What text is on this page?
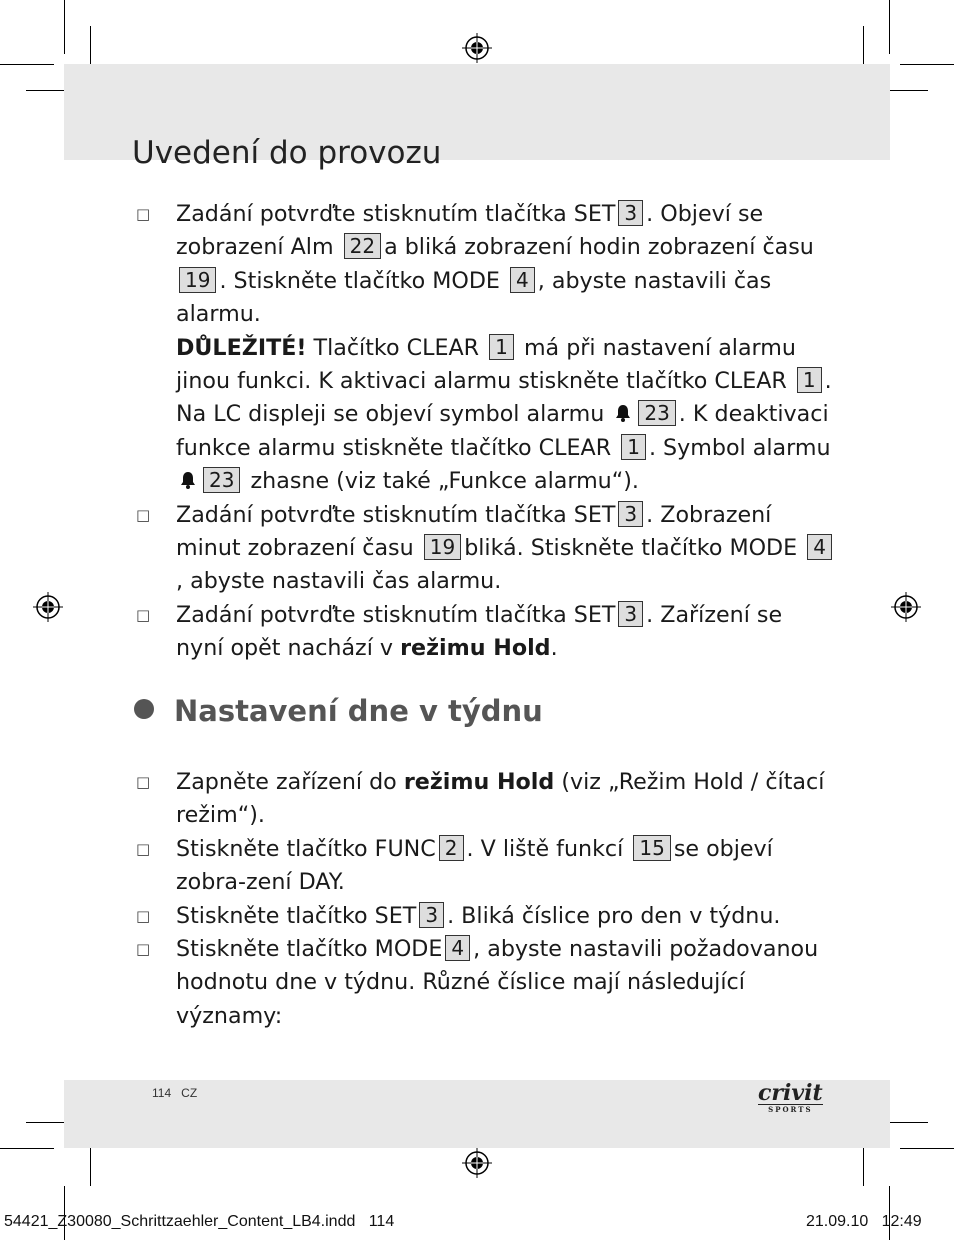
Uvedení do provozu
□ Zadání potvrďte stisknutím tlačítka SET 3 . Objeví se zobrazení Alm 22 a bliká zobrazení hodin zobrazení času 19 . Stiskněte tlačítko MODE 4 , abyste nastavili čas alarmu.
DŮLEŽITÉ! Tlačítko CLEAR 1 má při nastavení alarmu jinou funkci. K aktivaci alarmu stiskněte tlačítko CLEAR 1 . Na LC displeji se objeví symbol alarmu 23 . K deaktivaci funkce alarmu stiskněte tlačítko CLEAR 1 . Symbol alarmu 23 zhasne (viz také „Funkce alarmu“).
□ Zadání potvrďte stisknutím tlačítka SET 3 . Zobrazení minut zobrazení času 19 bliká. Stiskněte tlačítko MODE 4, abyste nastavili čas alarmu.
□ Zadání potvrďte stisknutím tlačítka SET 3 . Zařízení se nyní opět nachází v režimu Hold.
Nastavení dne v týdnu
□ Zapněte zařízení do režimu Hold (viz „Režim Hold / čítací režim“).
□ Stiskněte tlačítko FUNC 2 . V liště funkcí 15 se objeví zobra-zení DAY.
□ Stiskněte tlačítko SET 3 . Bliká číslice pro den v týdnu.
□ Stiskněte tlačítko MODE 4 , abyste nastavili požadovanou hodnotu dne v týdnu. Různé číslice mají následující významy:
114 CZ	crivit
SPORTS
54421_Z30080_Schrittzaehler_Content_LB4.indd 114	21.09.10 12:49
